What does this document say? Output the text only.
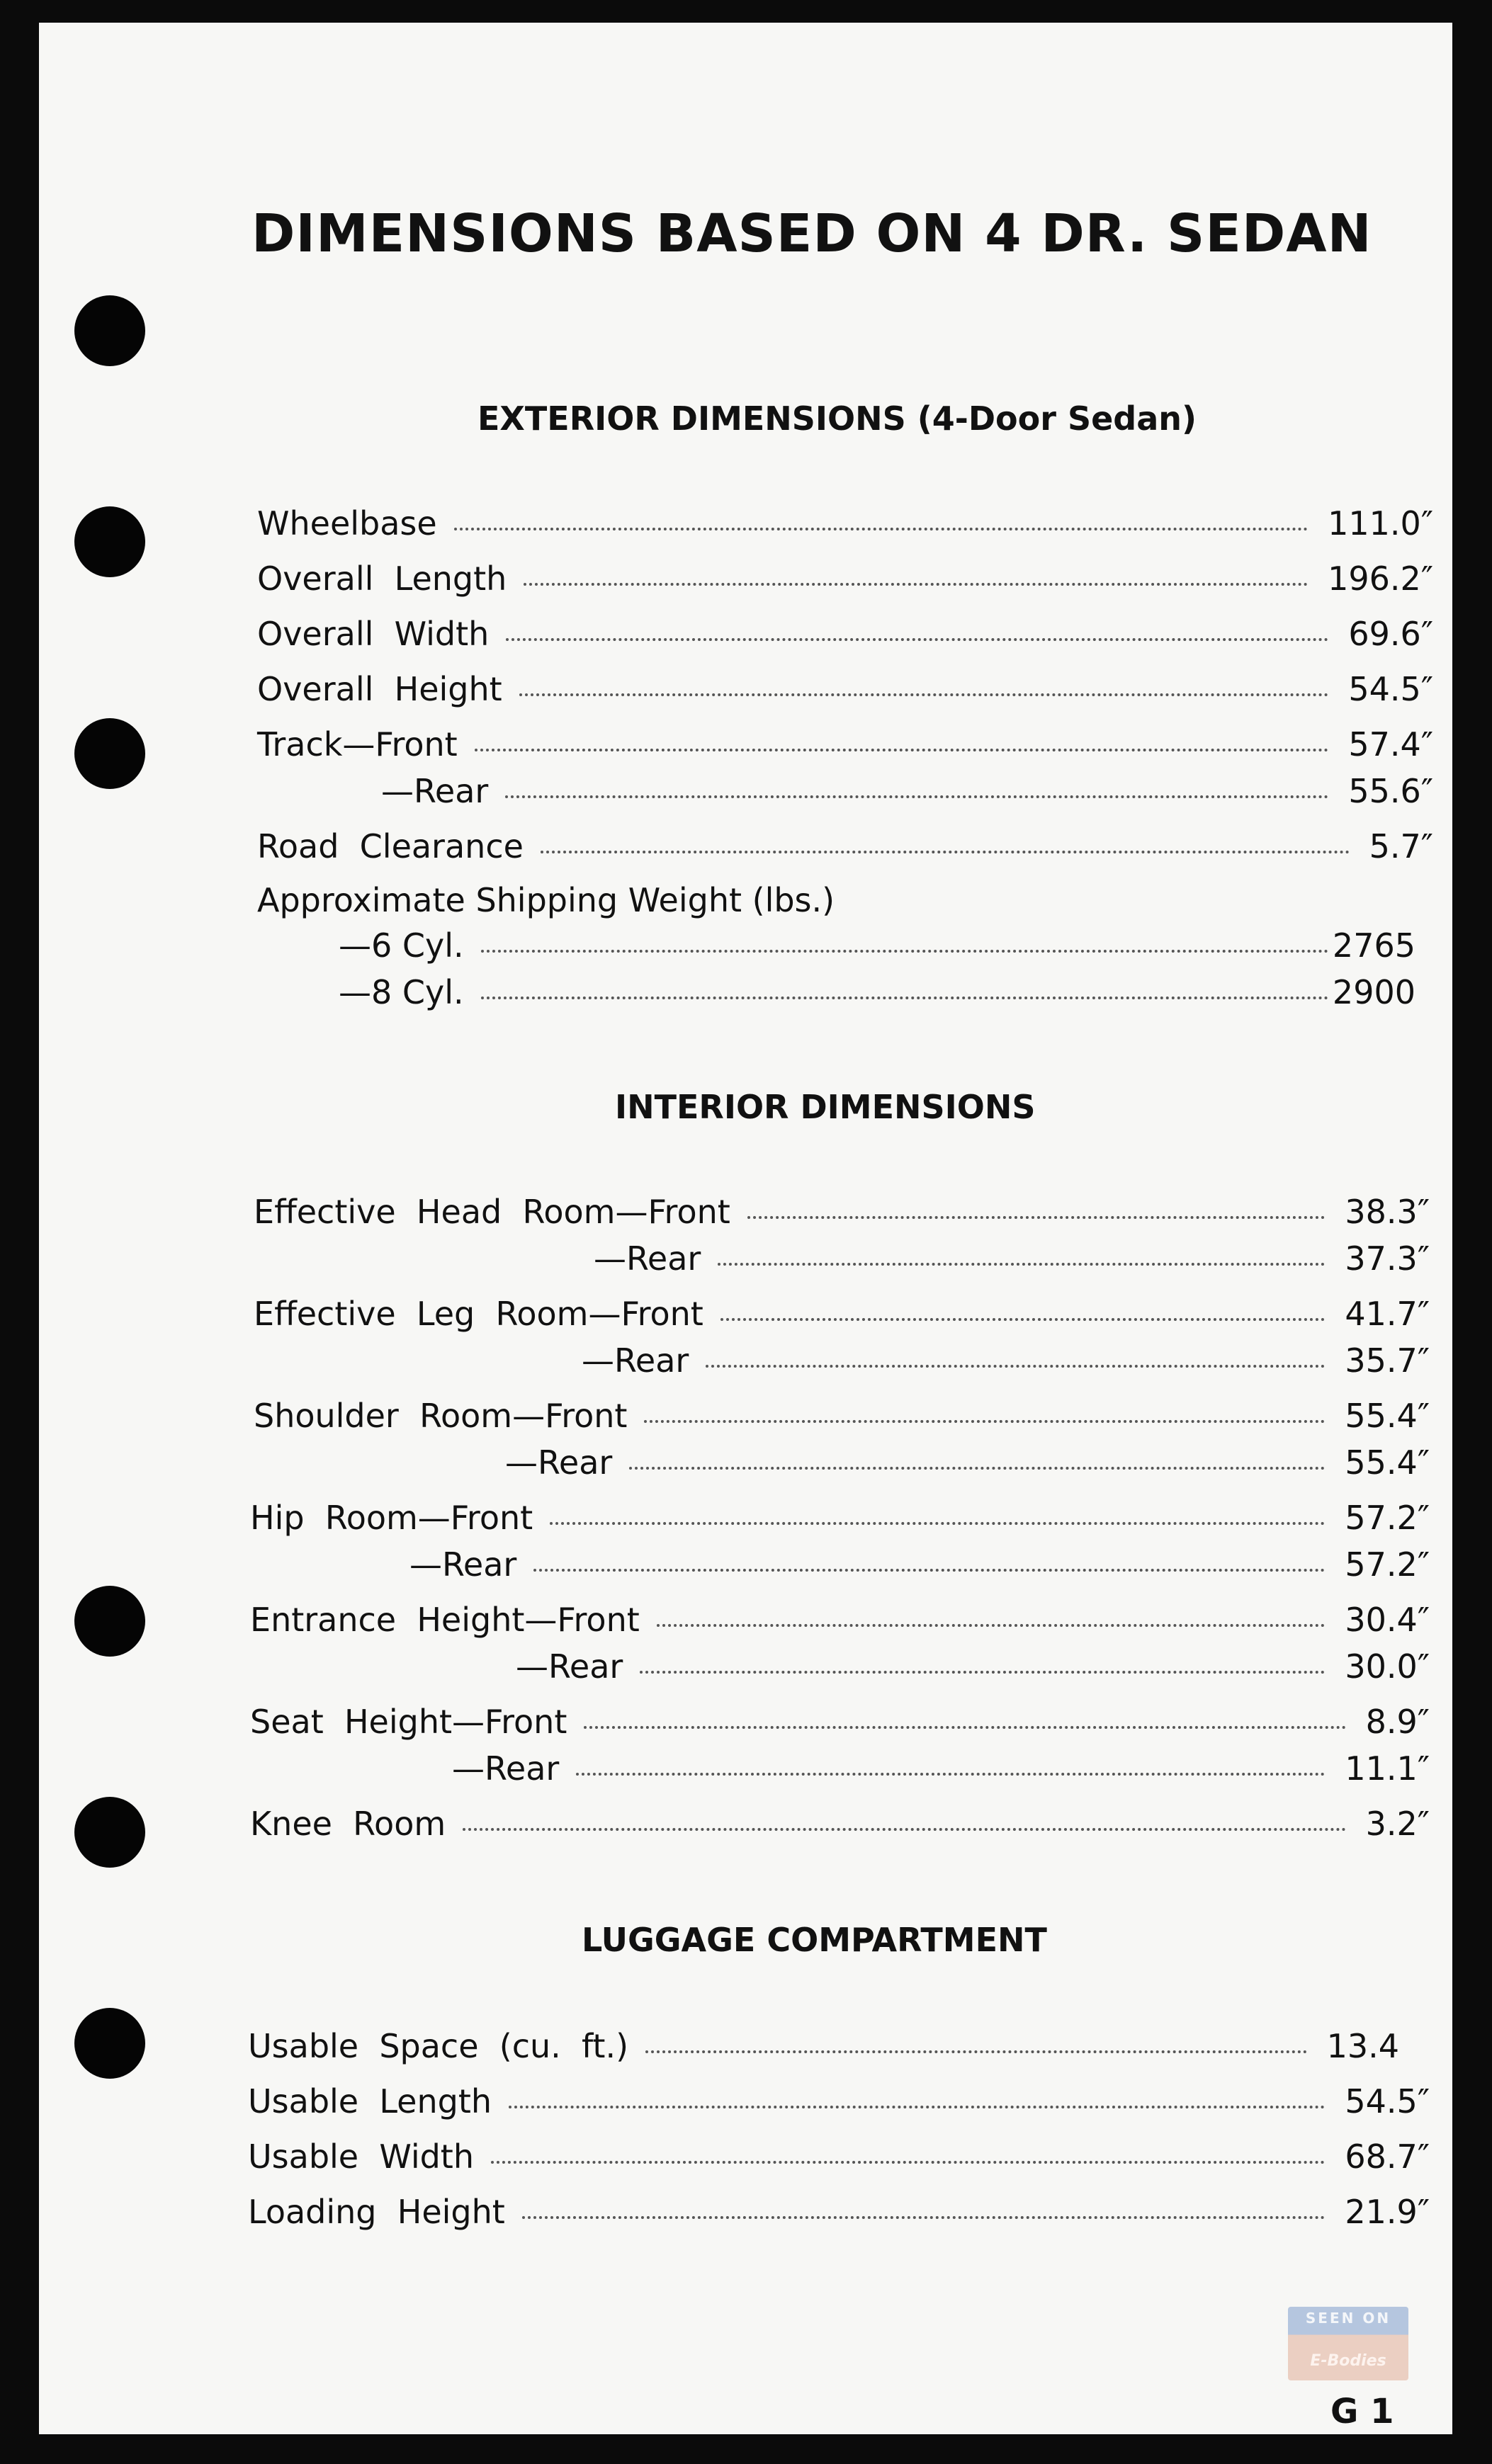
DIMENSIONS BASED ON 4 DR. SEDAN
EXTERIOR DIMENSIONS (4-Door Sedan)
Wheelbase	111.0″
Overall  Length	196.2″
Overall  Width	69.6″
Overall  Height	54.5″
Track—Front	57.4″
—Rear	55.6″
Road  Clearance	5.7″
Approximate Shipping Weight (lbs.)
—6 Cyl.	2765
—8 Cyl.	2900
INTERIOR DIMENSIONS
Effective  Head  Room—Front	38.3″
—Rear	37.3″
Effective  Leg  Room—Front	41.7″
—Rear	35.7″
Shoulder  Room—Front	55.4″
—Rear	55.4″
Hip  Room—Front	57.2″
—Rear	57.2″
Entrance  Height—Front	30.4″
—Rear	30.0″
Seat  Height—Front	8.9″
—Rear	11.1″
Knee  Room	3.2″
LUGGAGE COMPARTMENT
Usable  Space  (cu.  ft.)	13.4
Usable  Length	54.5″
Usable  Width	68.7″
Loading  Height	21.9″
SEEN ON
E-Bodies
G 1
